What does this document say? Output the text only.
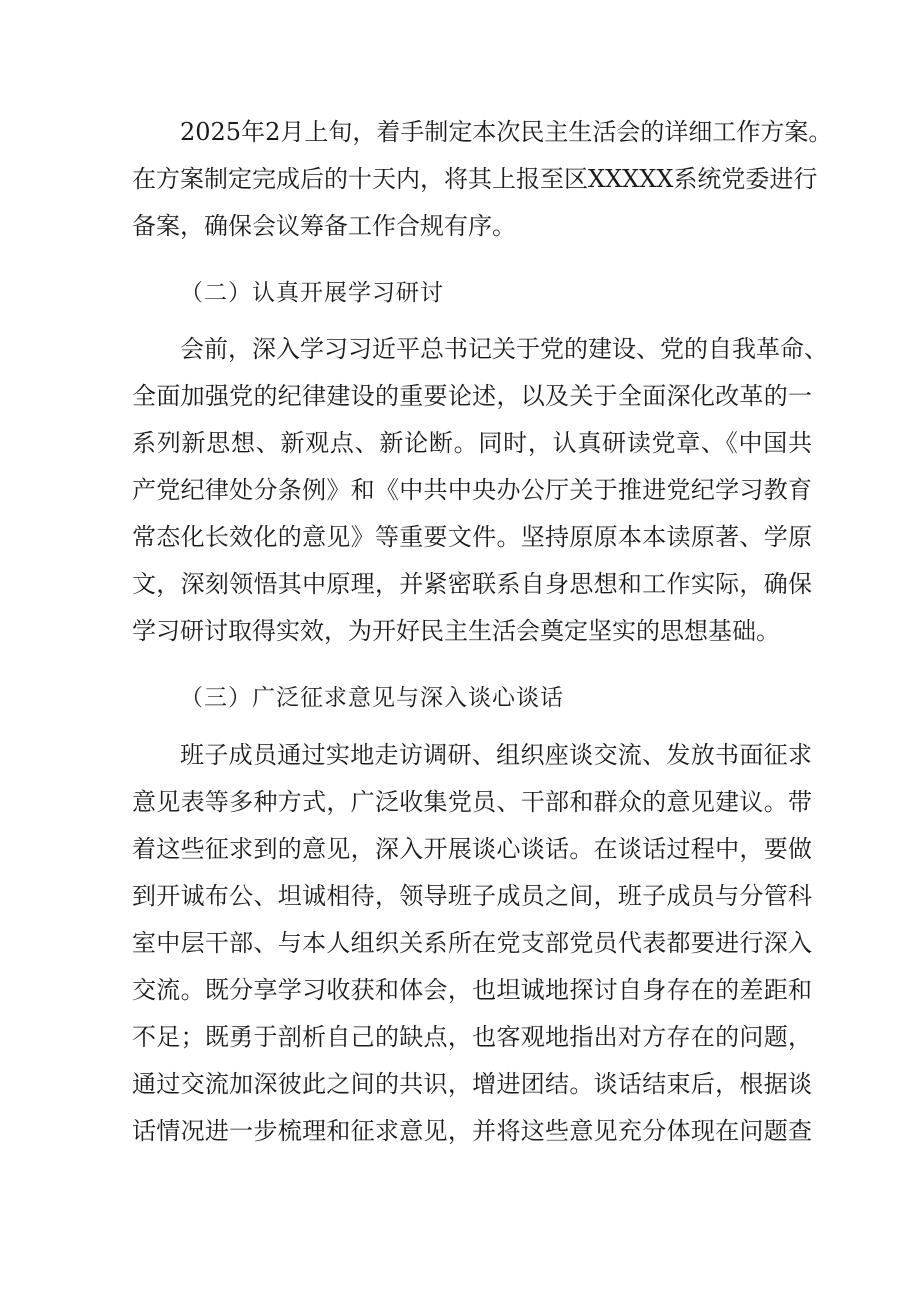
2025年2月上旬，着手制定本次民主生活会的详细工作方案。
在方案制定完成后的十天内，将其上报至区XXXXX系统党委进行
备案，确保会议筹备工作合规有序。
（二）认真开展学习研讨
会前，深入学习习近平总书记关于党的建设、党的自我革命、
全面加强党的纪律建设的重要论述，以及关于全面深化改革的一
系列新思想、新观点、新论断。同时，认真研读党章、《中国共
产党纪律处分条例》和《中共中央办公厅关于推进党纪学习教育
常态化长效化的意见》等重要文件。坚持原原本本读原著、学原
文，深刻领悟其中原理，并紧密联系自身思想和工作实际，确保
学习研讨取得实效，为开好民主生活会奠定坚实的思想基础。
（三）广泛征求意见与深入谈心谈话
班子成员通过实地走访调研、组织座谈交流、发放书面征求
意见表等多种方式，广泛收集党员、干部和群众的意见建议。带
着这些征求到的意见，深入开展谈心谈话。在谈话过程中，要做
到开诚布公、坦诚相待，领导班子成员之间，班子成员与分管科
室中层干部、与本人组织关系所在党支部党员代表都要进行深入
交流。既分享学习收获和体会，也坦诚地探讨自身存在的差距和
不足；既勇于剖析自己的缺点，也客观地指出对方存在的问题，
通过交流加深彼此之间的共识，增进团结。谈话结束后，根据谈
话情况进一步梳理和征求意见，并将这些意见充分体现在问题查
